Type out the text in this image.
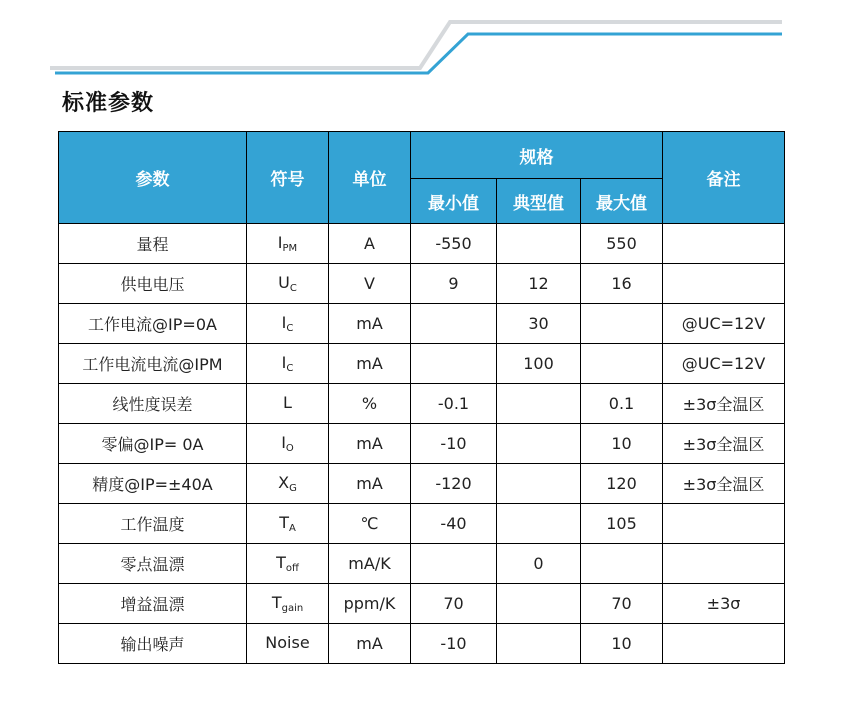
标准参数
参数	符号	单位	规格			备注
			最小值	典型值	最大值	
量程	$I_{PM}$	A	-550		550	
供电电压	$U_C$	V	9	12	16	
工作电流@IP=0A	$I_C$	mA		30		@UC=12V
工作电流电流@IPM	$I_C$	mA		100		@UC=12V
线性度误差	L	%	-0.1		0.1	±3σ全温区
零偏@IP= 0A	$I_O$	mA	-10		10	±3σ全温区
精度@IP=±40A	$X_G$	mA	-120		120	±3σ全温区
工作温度	$T_A$	℃	-40		105	
零点温漂	$T_{off}$	mA/K		0		
增益温漂	$T_{gain}$	ppm/K	70		70	±3σ
输出噪声	Noise	mA	-10		10	
